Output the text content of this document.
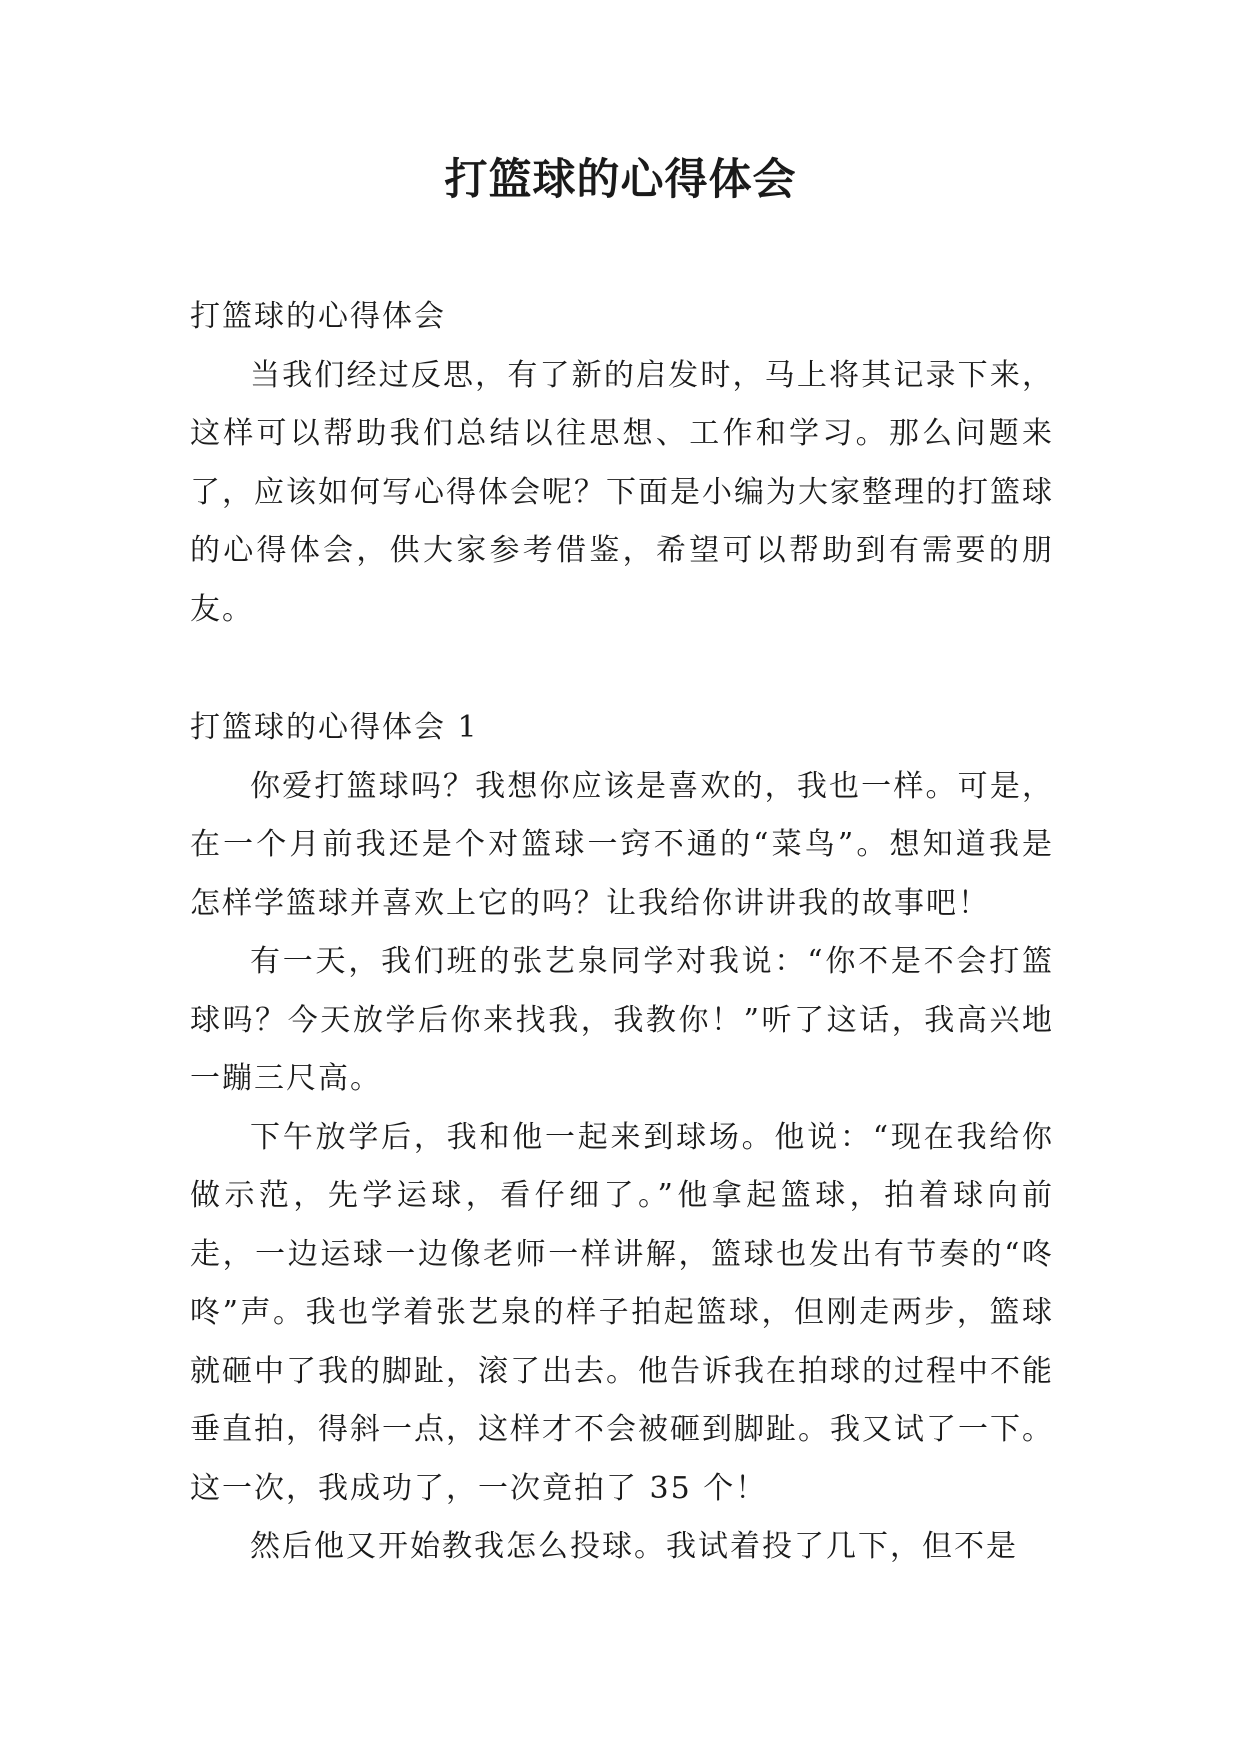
打篮球的心得体会

打篮球的心得体会

当我们经过反思，有了新的启发时，马上将其记录下来，这样可以帮助我们总结以往思想、工作和学习。那么问题来了，应该如何写心得体会呢？下面是小编为大家整理的打篮球的心得体会，供大家参考借鉴，希望可以帮助到有需要的朋友。

打篮球的心得体会 1

你爱打篮球吗？我想你应该是喜欢的，我也一样。可是，在一个月前我还是个对篮球一窍不通的“菜鸟”。想知道我是怎样学篮球并喜欢上它的吗？让我给你讲讲我的故事吧！

有一天，我们班的张艺泉同学对我说：“你不是不会打篮球吗？今天放学后你来找我，我教你！”听了这话，我高兴地一蹦三尺高。

下午放学后，我和他一起来到球场。他说：“现在我给你做示范，先学运球，看仔细了。”他拿起篮球，拍着球向前走，一边运球一边像老师一样讲解，篮球也发出有节奏的“咚咚”声。我也学着张艺泉的样子拍起篮球，但刚走两步，篮球就砸中了我的脚趾，滚了出去。他告诉我在拍球的过程中不能垂直拍，得斜一点，这样才不会被砸到脚趾。我又试了一下。这一次，我成功了，一次竟拍了 35 个！

然后他又开始教我怎么投球。我试着投了几下，但不是
